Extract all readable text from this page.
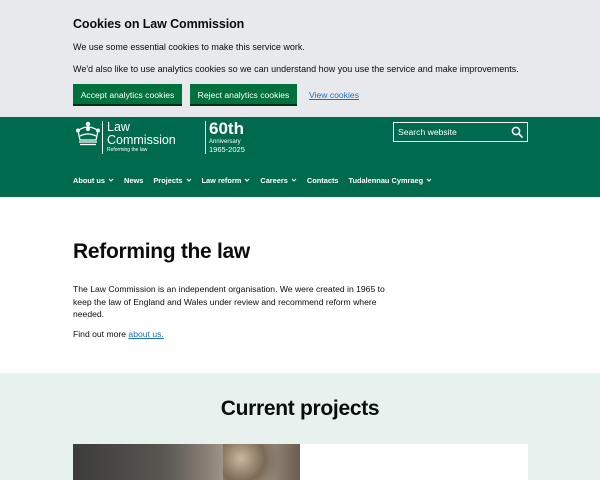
Cookies on Law Commission
We use some essential cookies to make this service work.
We'd also like to use analytics cookies so we can understand how you use the service and make improvements.
Accept analytics cookies	Reject analytics cookies	View cookies
Law
Commission
Reforming the law
60th
Anniversary
1965-2025
Search website
About us	News Projects	Law reform	Careers	Contacts Tudalennau Cymraeg
Reforming the law

The Law Commission is an independent organisation. We were created in 1965 to keep the law of England and Wales under review and recommend reform where needed.

Find out more about us.

Current projects
